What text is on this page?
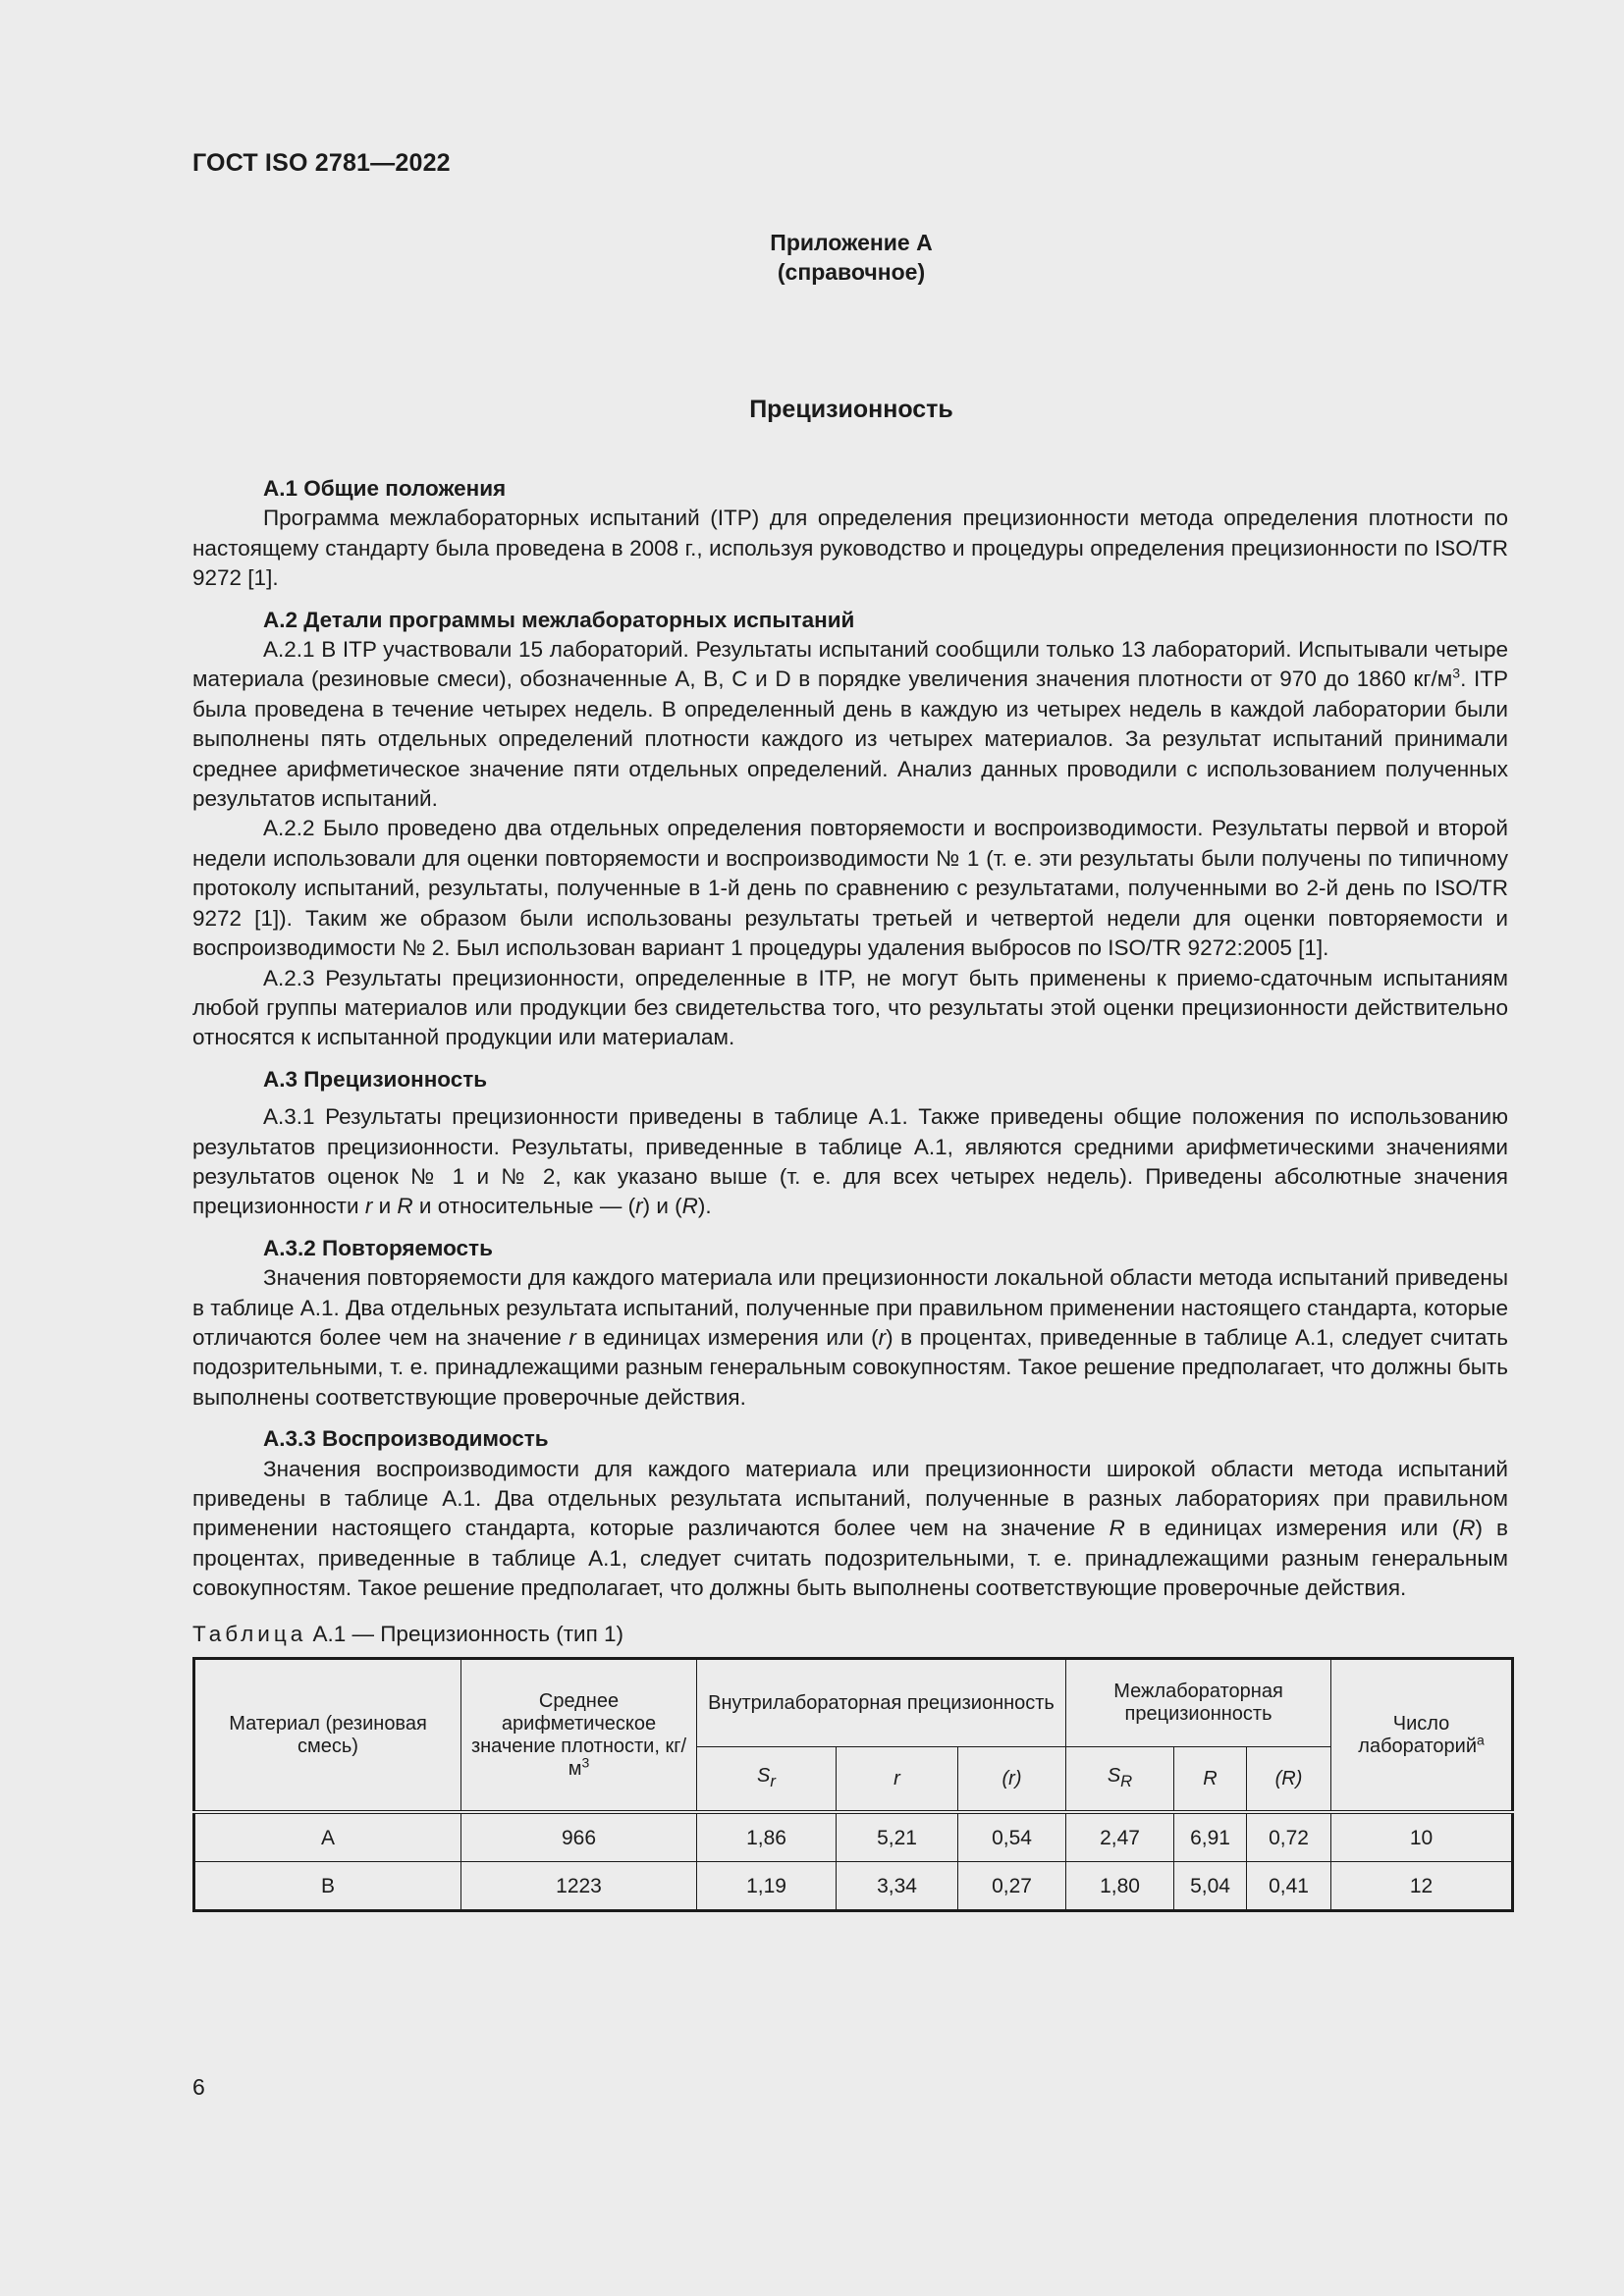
ГОСТ ISO 2781—2022
Приложение А
(справочное)
Прецизионность
А.1 Общие положения

Программа межлабораторных испытаний (ITP) для определения прецизионности метода определения плотности по настоящему стандарту была проведена в 2008 г., используя руководство и процедуры определения прецизионности по ISO/TR 9272 [1].

А.2 Детали программы межлабораторных испытаний

А.2.1 В ITP участвовали 15 лабораторий. Результаты испытаний сообщили только 13 лабораторий. Испытывали четыре материала (резиновые смеси), обозначенные А, В, С и D в порядке увеличения значения плотности от 970 до 1860 $кг/м^3$. ITP была проведена в течение четырех недель. В определенный день в каждую из четырех недель в каждой лаборатории были выполнены пять отдельных определений плотности каждого из четырех материалов. За результат испытаний принимали среднее арифметическое значение пяти отдельных определений. Анализ данных проводили с использованием полученных результатов испытаний.

А.2.2 Было проведено два отдельных определения повторяемости и воспроизводимости. Результаты первой и второй недели использовали для оценки повторяемости и воспроизводимости № 1 (т. е. эти результаты были получены по типичному протоколу испытаний, результаты, полученные в 1-й день по сравнению с результатами, полученными во 2-й день по ISO/TR 9272 [1]). Таким же образом были использованы результаты третьей и четвертой недели для оценки повторяемости и воспроизводимости № 2. Был использован вариант 1 процедуры удаления выбросов по ISO/TR 9272:2005 [1].

А.2.3 Результаты прецизионности, определенные в ITP, не могут быть применены к приемо-сдаточным испытаниям любой группы материалов или продукции без свидетельства того, что результаты этой оценки прецизионности действительно относятся к испытанной продукции или материалам.

А.3 Прецизионность

А.3.1 Результаты прецизионности приведены в таблице А.1. Также приведены общие положения по использованию результатов прецизионности. Результаты, приведенные в таблице А.1, являются средними арифметическими значениями результатов оценок № 1 и № 2, как указано выше (т. е. для всех четырех недель). Приведены абсолютные значения прецизионности r и R и относительные — (r) и (R).

А.3.2 Повторяемость

Значения повторяемости для каждого материала или прецизионности локальной области метода испытаний приведены в таблице А.1. Два отдельных результата испытаний, полученные при правильном применении настоящего стандарта, которые отличаются более чем на значение r в единицах измерения или (r) в процентах, приведенные в таблице А.1, следует считать подозрительными, т. е. принадлежащими разным генеральным совокупностям. Такое решение предполагает, что должны быть выполнены соответствующие проверочные действия.

А.3.3 Воспроизводимость

Значения воспроизводимости для каждого материала или прецизионности широкой области метода испытаний приведены в таблице А.1. Два отдельных результата испытаний, полученные в разных лабораториях при правильном применении настоящего стандарта, которые различаются более чем на значение R в единицах измерения или (R) в процентах, приведенные в таблице А.1, следует считать подозрительными, т. е. принадлежащими разным генеральным совокупностям. Такое решение предполагает, что должны быть выполнены соответствующие проверочные действия.

Таблица А.1 — Прецизионность (тип 1)
Материал (резиновая смесь)	Среднее арифметическое значение плотности, $кг/м^3$	Внутрилабораторная прецизионность			Межлабораторная прецизионность			Число лабораторий$^a$
		$S_r$	r	(r)	$S_R$	R	(R)	
А	966	1,86	5,21	0,54	2,47	6,91	0,72	10
В	1223	1,19	3,34	0,27	1,80	5,04	0,41	12
6
